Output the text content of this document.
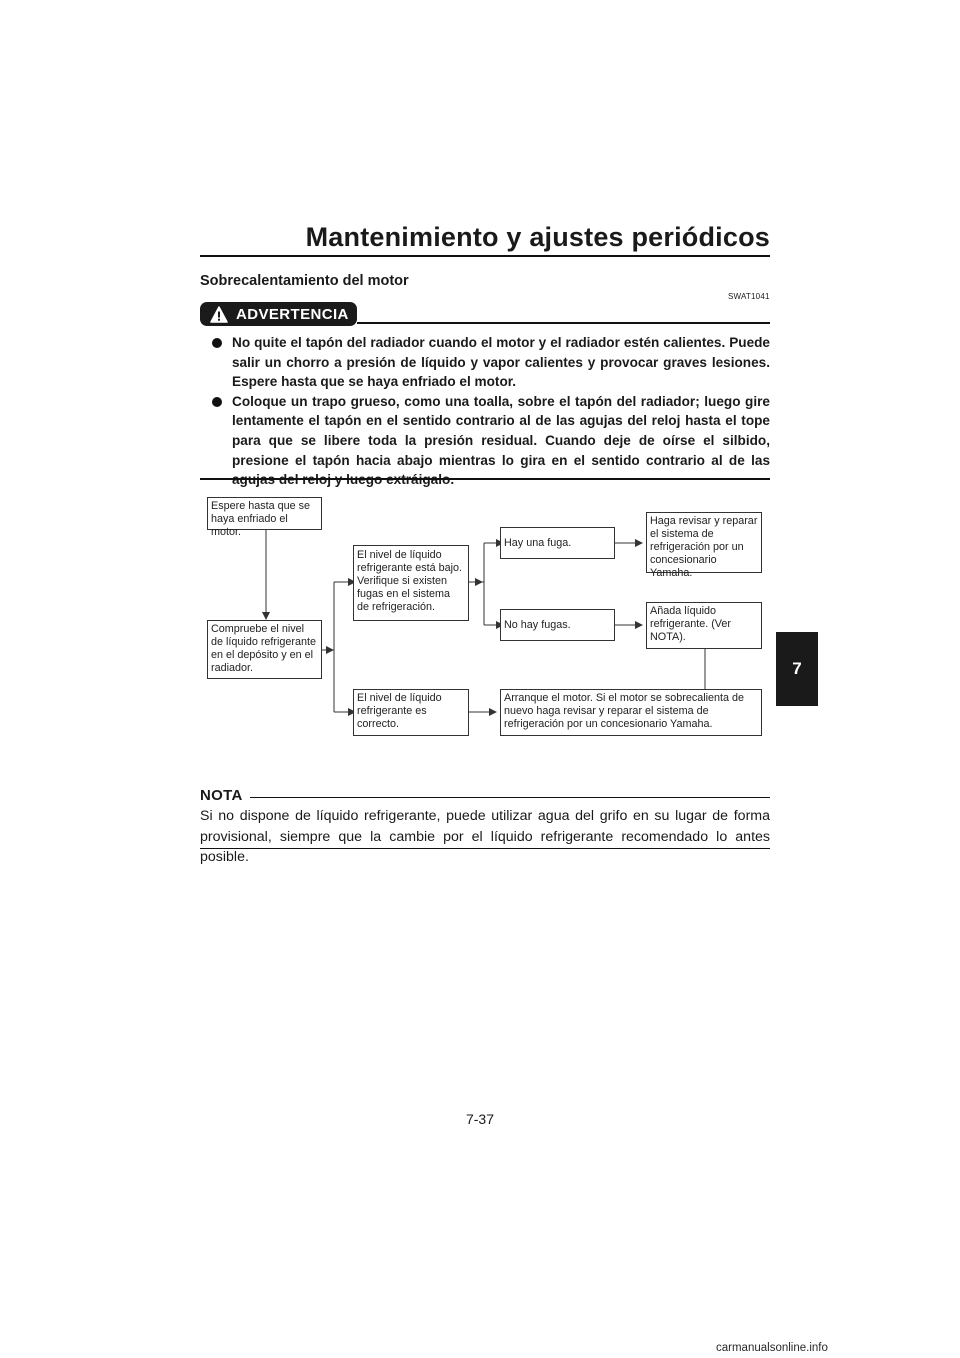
Mantenimiento y ajustes periódicos
Sobrecalentamiento del motor
SWAT1041
ADVERTENCIA
No quite el tapón del radiador cuando el motor y el radiador estén calientes. Puede salir un chorro a presión de líquido y vapor calientes y provocar graves lesiones. Espere hasta que se haya enfriado el motor.
Coloque un trapo grueso, como una toalla, sobre el tapón del radiador; luego gire lentamente el tapón en el sentido contrario al de las agujas del reloj hasta el tope para que se libere toda la presión residual. Cuando deje de oírse el silbido, presione el tapón hacia abajo mientras lo gira en el sentido contrario al de las
Espere hasta que se haya enfriado el motor.
Compruebe el nivel de líquido refrigerante en el depósito y en el radiador.
El nivel de líquido refrigerante está bajo. Verifique si existen fugas en el sistema de refrigeración.
El nivel de líquido refrigerante es correcto.
Hay una fuga.
No hay fugas.
Haga revisar y reparar el sistema de refrigeración por un concesionario Yamaha.
Añada líquido refrigerante. (Ver NOTA).
Arranque el motor. Si el motor se sobrecalienta de nuevo haga revisar y reparar el sistema de refrigeración por un concesionario Yamaha.
NOTA
Si no dispone de líquido refrigerante, puede utilizar agua del grifo en su lugar de forma provisional, siempre que la cambie por el líquido refrigerante recomendado lo antes posible.
7
7-37
carmanualsonline.info
